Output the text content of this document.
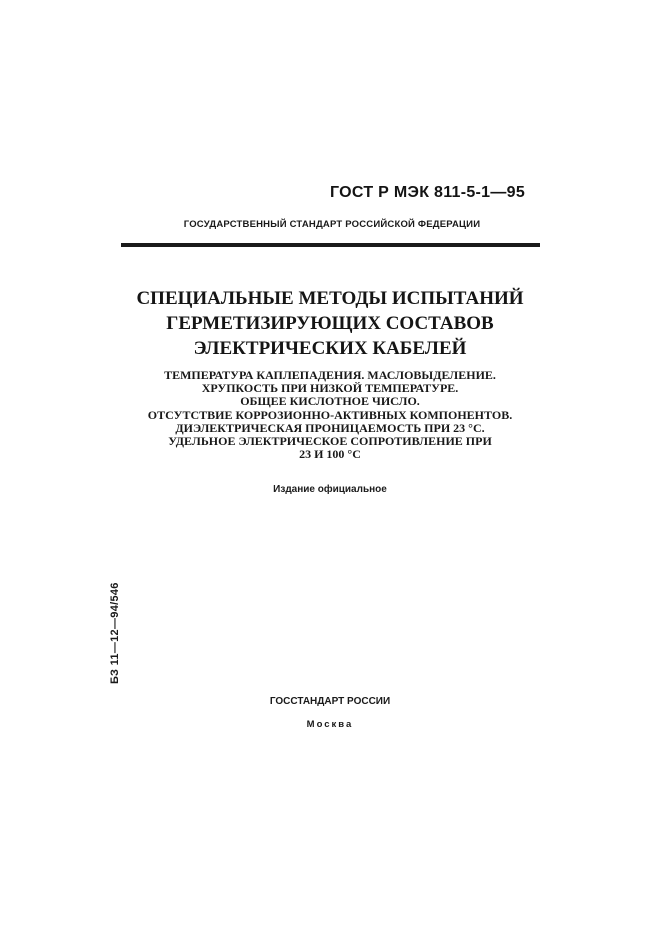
ГОСТ Р МЭК 811-5-1—95
ГОСУДАРСТВЕННЫЙ СТАНДАРТ РОССИЙСКОЙ ФЕДЕРАЦИИ
СПЕЦИАЛЬНЫЕ МЕТОДЫ ИСПЫТАНИЙ
ГЕРМЕТИЗИРУЮЩИХ СОСТАВОВ
ЭЛЕКТРИЧЕСКИХ КАБЕЛЕЙ
ТЕМПЕРАТУРА КАПЛЕПАДЕНИЯ. МАСЛОВЫДЕЛЕНИЕ.
ХРУПКОСТЬ ПРИ НИЗКОЙ ТЕМПЕРАТУРЕ.
ОБЩЕЕ КИСЛОТНОЕ ЧИСЛО.
ОТСУТСТВИЕ КОРРОЗИОННО-АКТИВНЫХ КОМПОНЕНТОВ.
ДИЭЛЕКТРИЧЕСКАЯ ПРОНИЦАЕМОСТЬ ПРИ 23 °С.
УДЕЛЬНОЕ ЭЛЕКТРИЧЕСКОЕ СОПРОТИВЛЕНИЕ ПРИ
23 И 100 °С
Издание официальное
БЗ 11—12—94/546
ГОССТАНДАРТ РОССИИ
Москва
